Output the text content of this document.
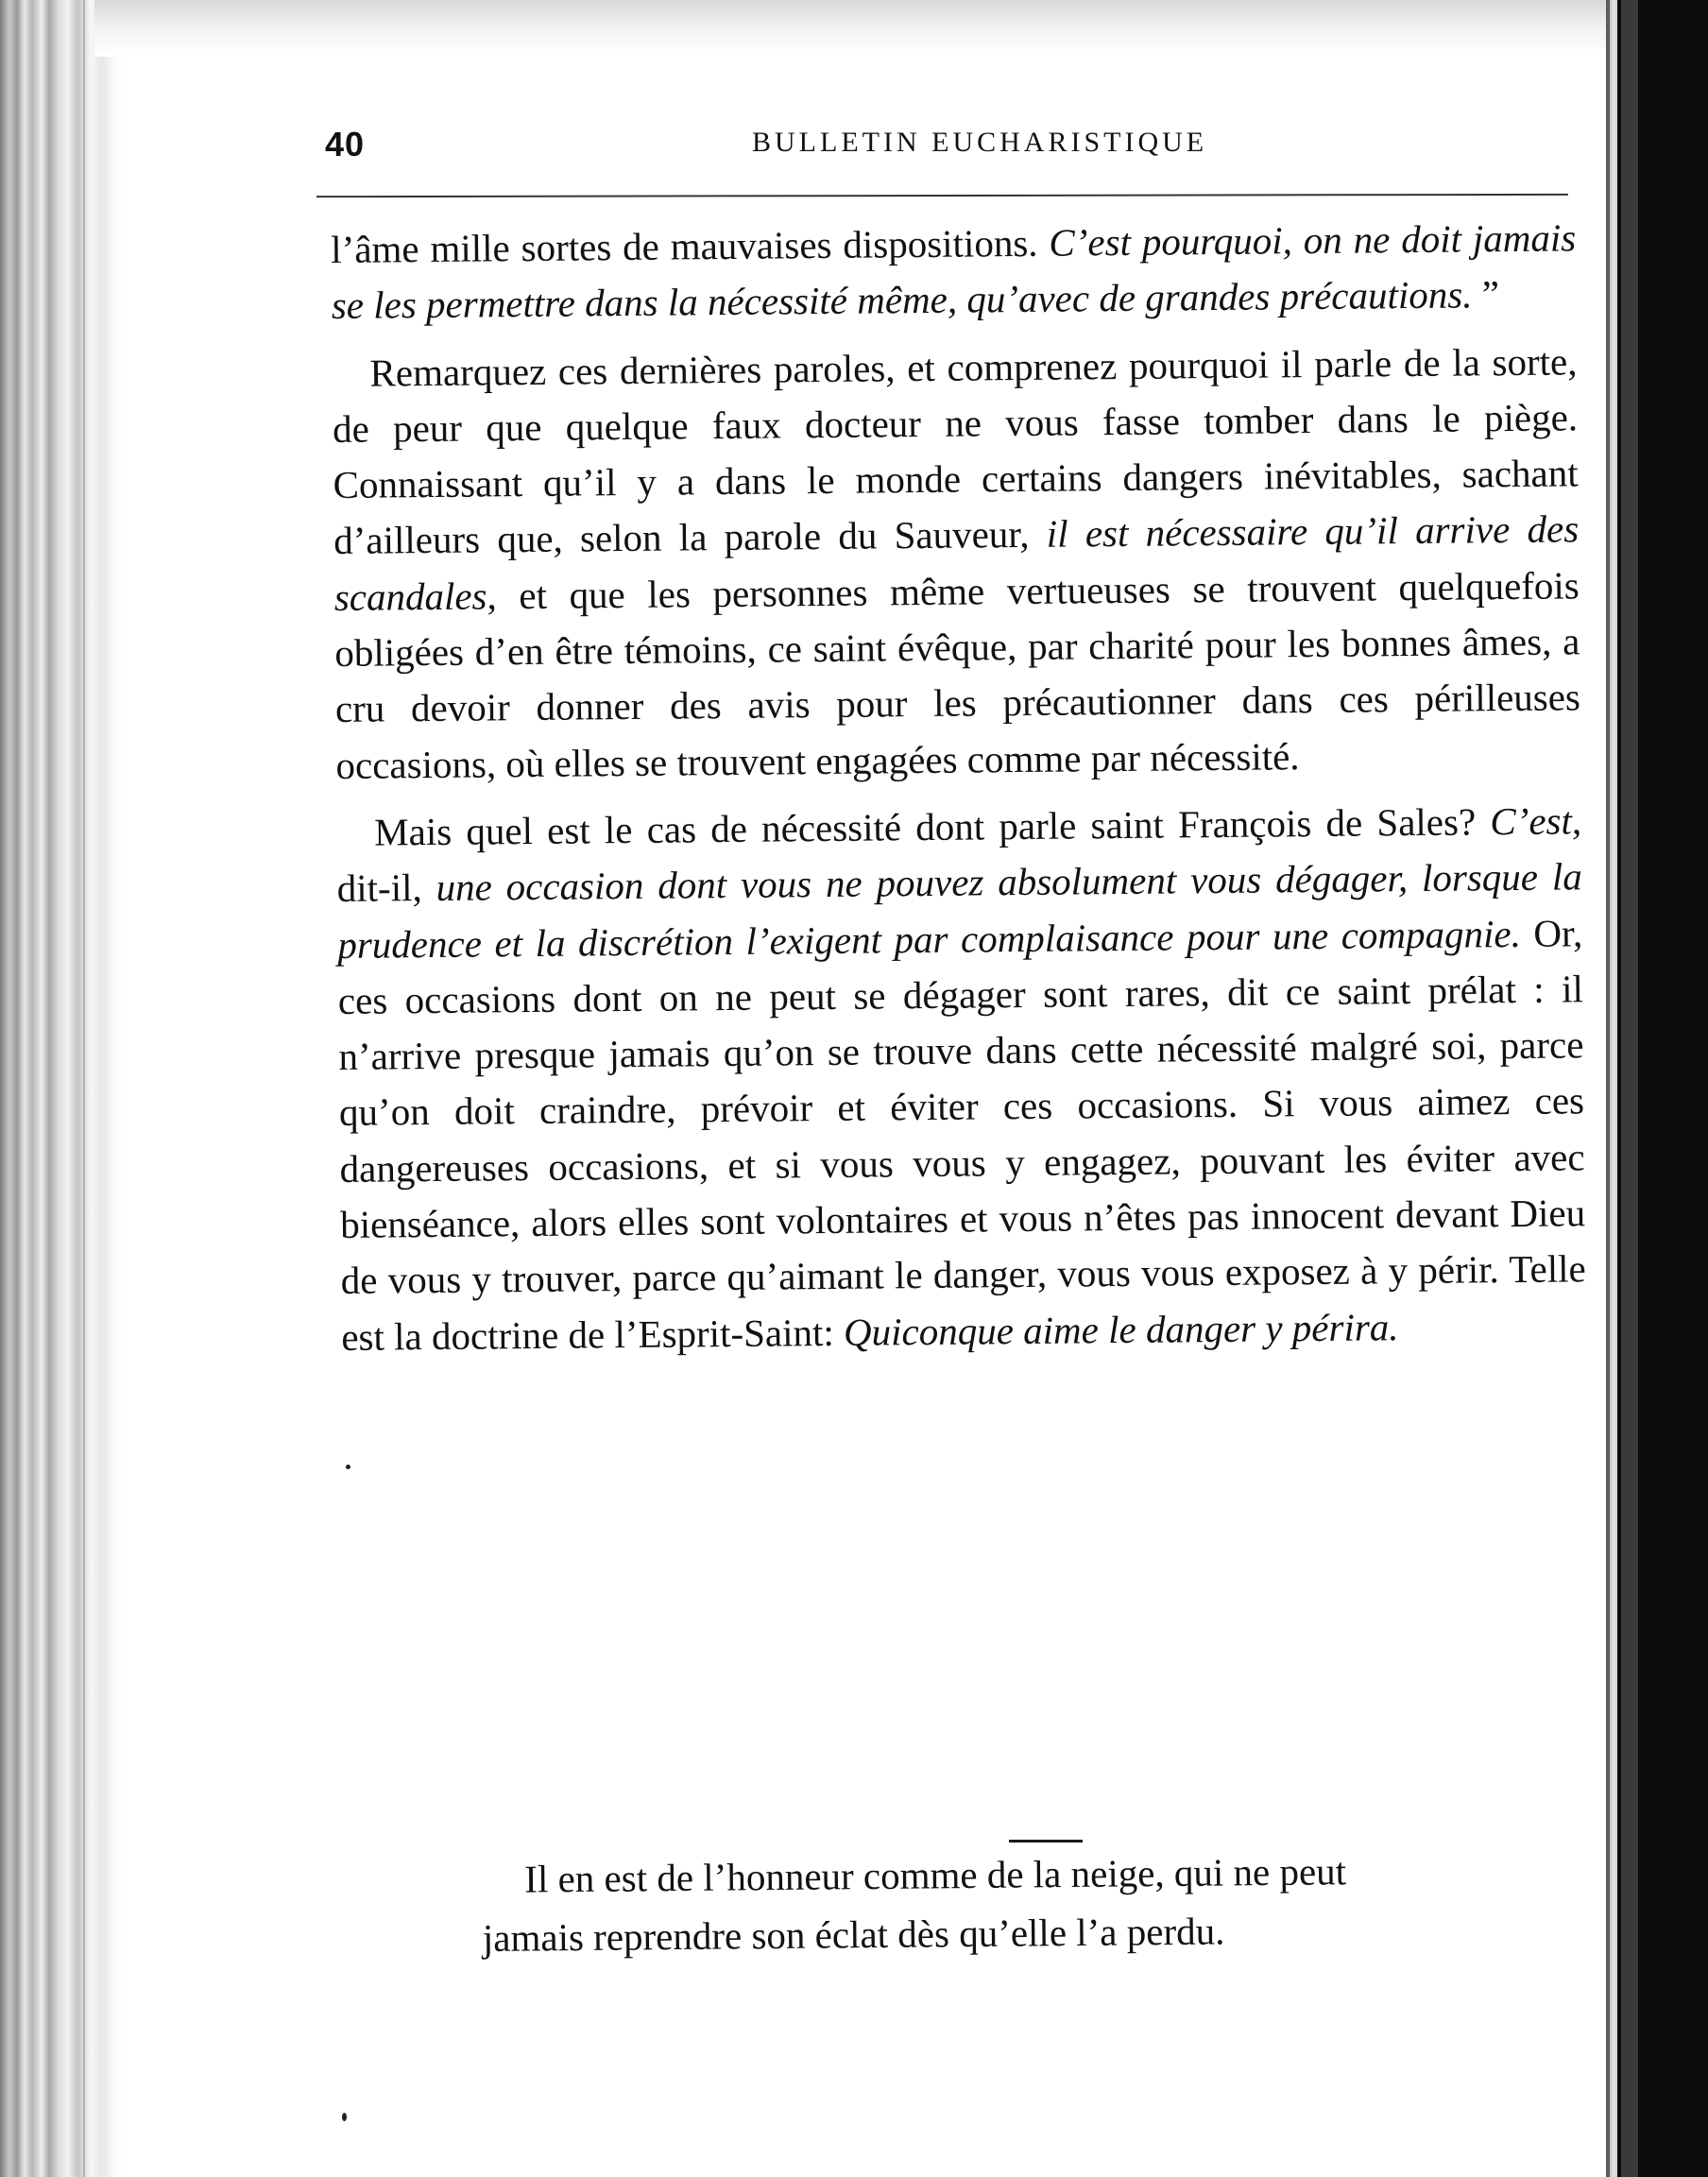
40	BULLETIN EUCHARISTIQUE

l’âme mille sortes de mauvaises dispositions. C’est pourquoi, on ne doit jamais se les permettre dans la nécessité même, qu’avec de grandes précautions. ”

Remarquez ces dernières paroles, et comprenez pourquoi il parle de la sorte, de peur que quelque faux docteur ne vous fasse tomber dans le piège. Connaissant qu’il y a dans le monde certains dangers inévitables, sachant d’ailleurs que, selon la parole du Sauveur, il est nécessaire qu’il arrive des scandales, et que les personnes même vertueuses se trouvent quelquefois obligées d’en être témoins, ce saint évêque, par charité pour les bonnes âmes, a cru devoir donner des avis pour les précautionner dans ces périlleuses occasions, où elles se trouvent engagées comme par nécessité.

Mais quel est le cas de nécessité dont parle saint François de Sales? C’est, dit-il, une occasion dont vous ne pouvez absolument vous dégager, lorsque la prudence et la discrétion l’exigent par complaisance pour une compagnie. Or, ces occasions dont on ne peut se dégager sont rares, dit ce saint prélat : il n’arrive presque jamais qu’on se trouve dans cette nécessité malgré soi, parce qu’on doit craindre, prévoir et éviter ces occasions. Si vous aimez ces dangereuses occasions, et si vous vous y engagez, pouvant les éviter avec bienséance, alors elles sont volontaires et vous n’êtes pas innocent devant Dieu de vous y trouver, parce qu’aimant le danger, vous vous exposez à y périr. Telle est la doctrine de l’Esprit-Saint: Quiconque aime le danger y périra.

Il en est de l’honneur comme de la neige, qui ne peut

jamais reprendre son éclat dès qu’elle l’a perdu.
